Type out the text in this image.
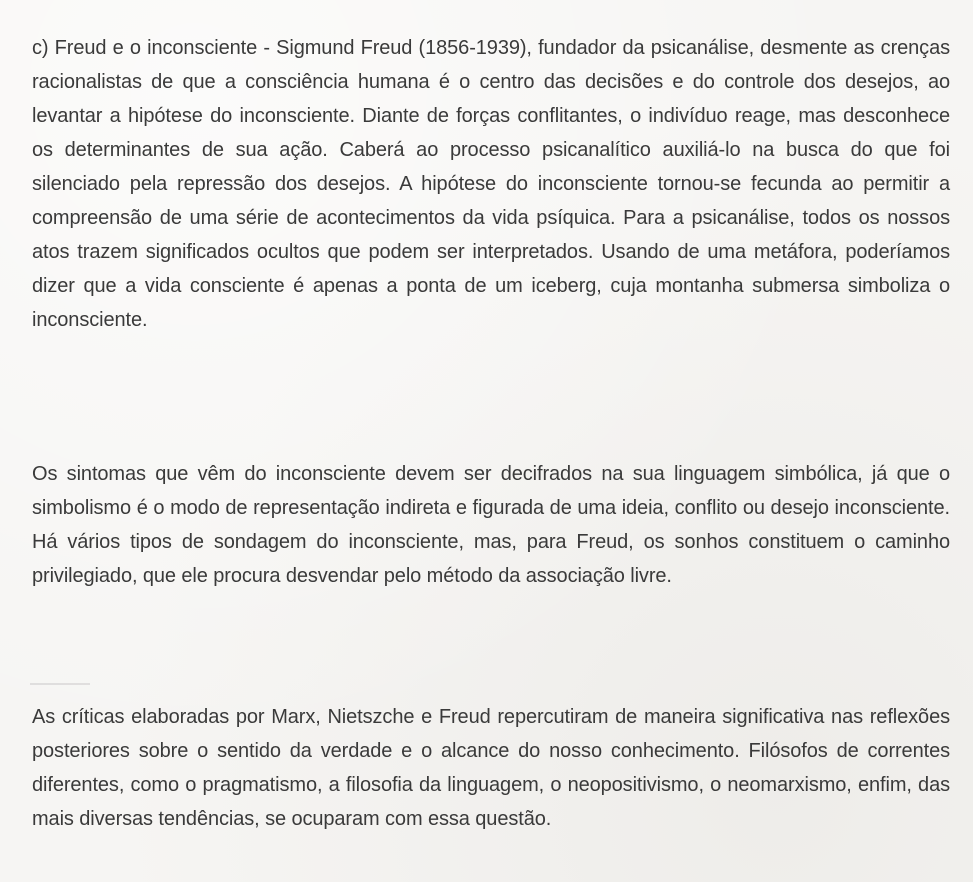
c) Freud e o inconsciente - Sigmund Freud (1856-1939), fundador da psicanálise, desmente as crenças racionalistas de que a consciência humana é o centro das decisões e do controle dos desejos, ao levantar a hipótese do inconsciente. Diante de forças conflitantes, o indivíduo reage, mas desconhece os determinantes de sua ação. Caberá ao processo psicanalítico auxiliá-lo na busca do que foi silenciado pela repressão dos desejos. A hipótese do inconsciente tornou-se fecunda ao permitir a compreensão de uma série de acontecimentos da vida psíquica. Para a psicanálise, todos os nossos atos trazem significados ocultos que podem ser interpretados. Usando de uma metáfora, poderíamos dizer que a vida consciente é apenas a ponta de um iceberg, cuja montanha submersa simboliza o inconsciente.

Os sintomas que vêm do inconsciente devem ser decifrados na sua linguagem simbólica, já que o simbolismo é o modo de representação indireta e figurada de uma ideia, conflito ou desejo inconsciente. Há vários tipos de sondagem do inconsciente, mas, para Freud, os sonhos constituem o caminho privilegiado, que ele procura desvendar pelo método da associação livre.

As críticas elaboradas por Marx, Nietszche e Freud repercutiram de maneira significativa nas reflexões posteriores sobre o sentido da verdade e o alcance do nosso conhecimento. Filósofos de correntes diferentes, como o pragmatismo, a filosofia da linguagem, o neopositivismo, o neomarxismo, enfim, das mais diversas tendências, se ocuparam com essa questão.
